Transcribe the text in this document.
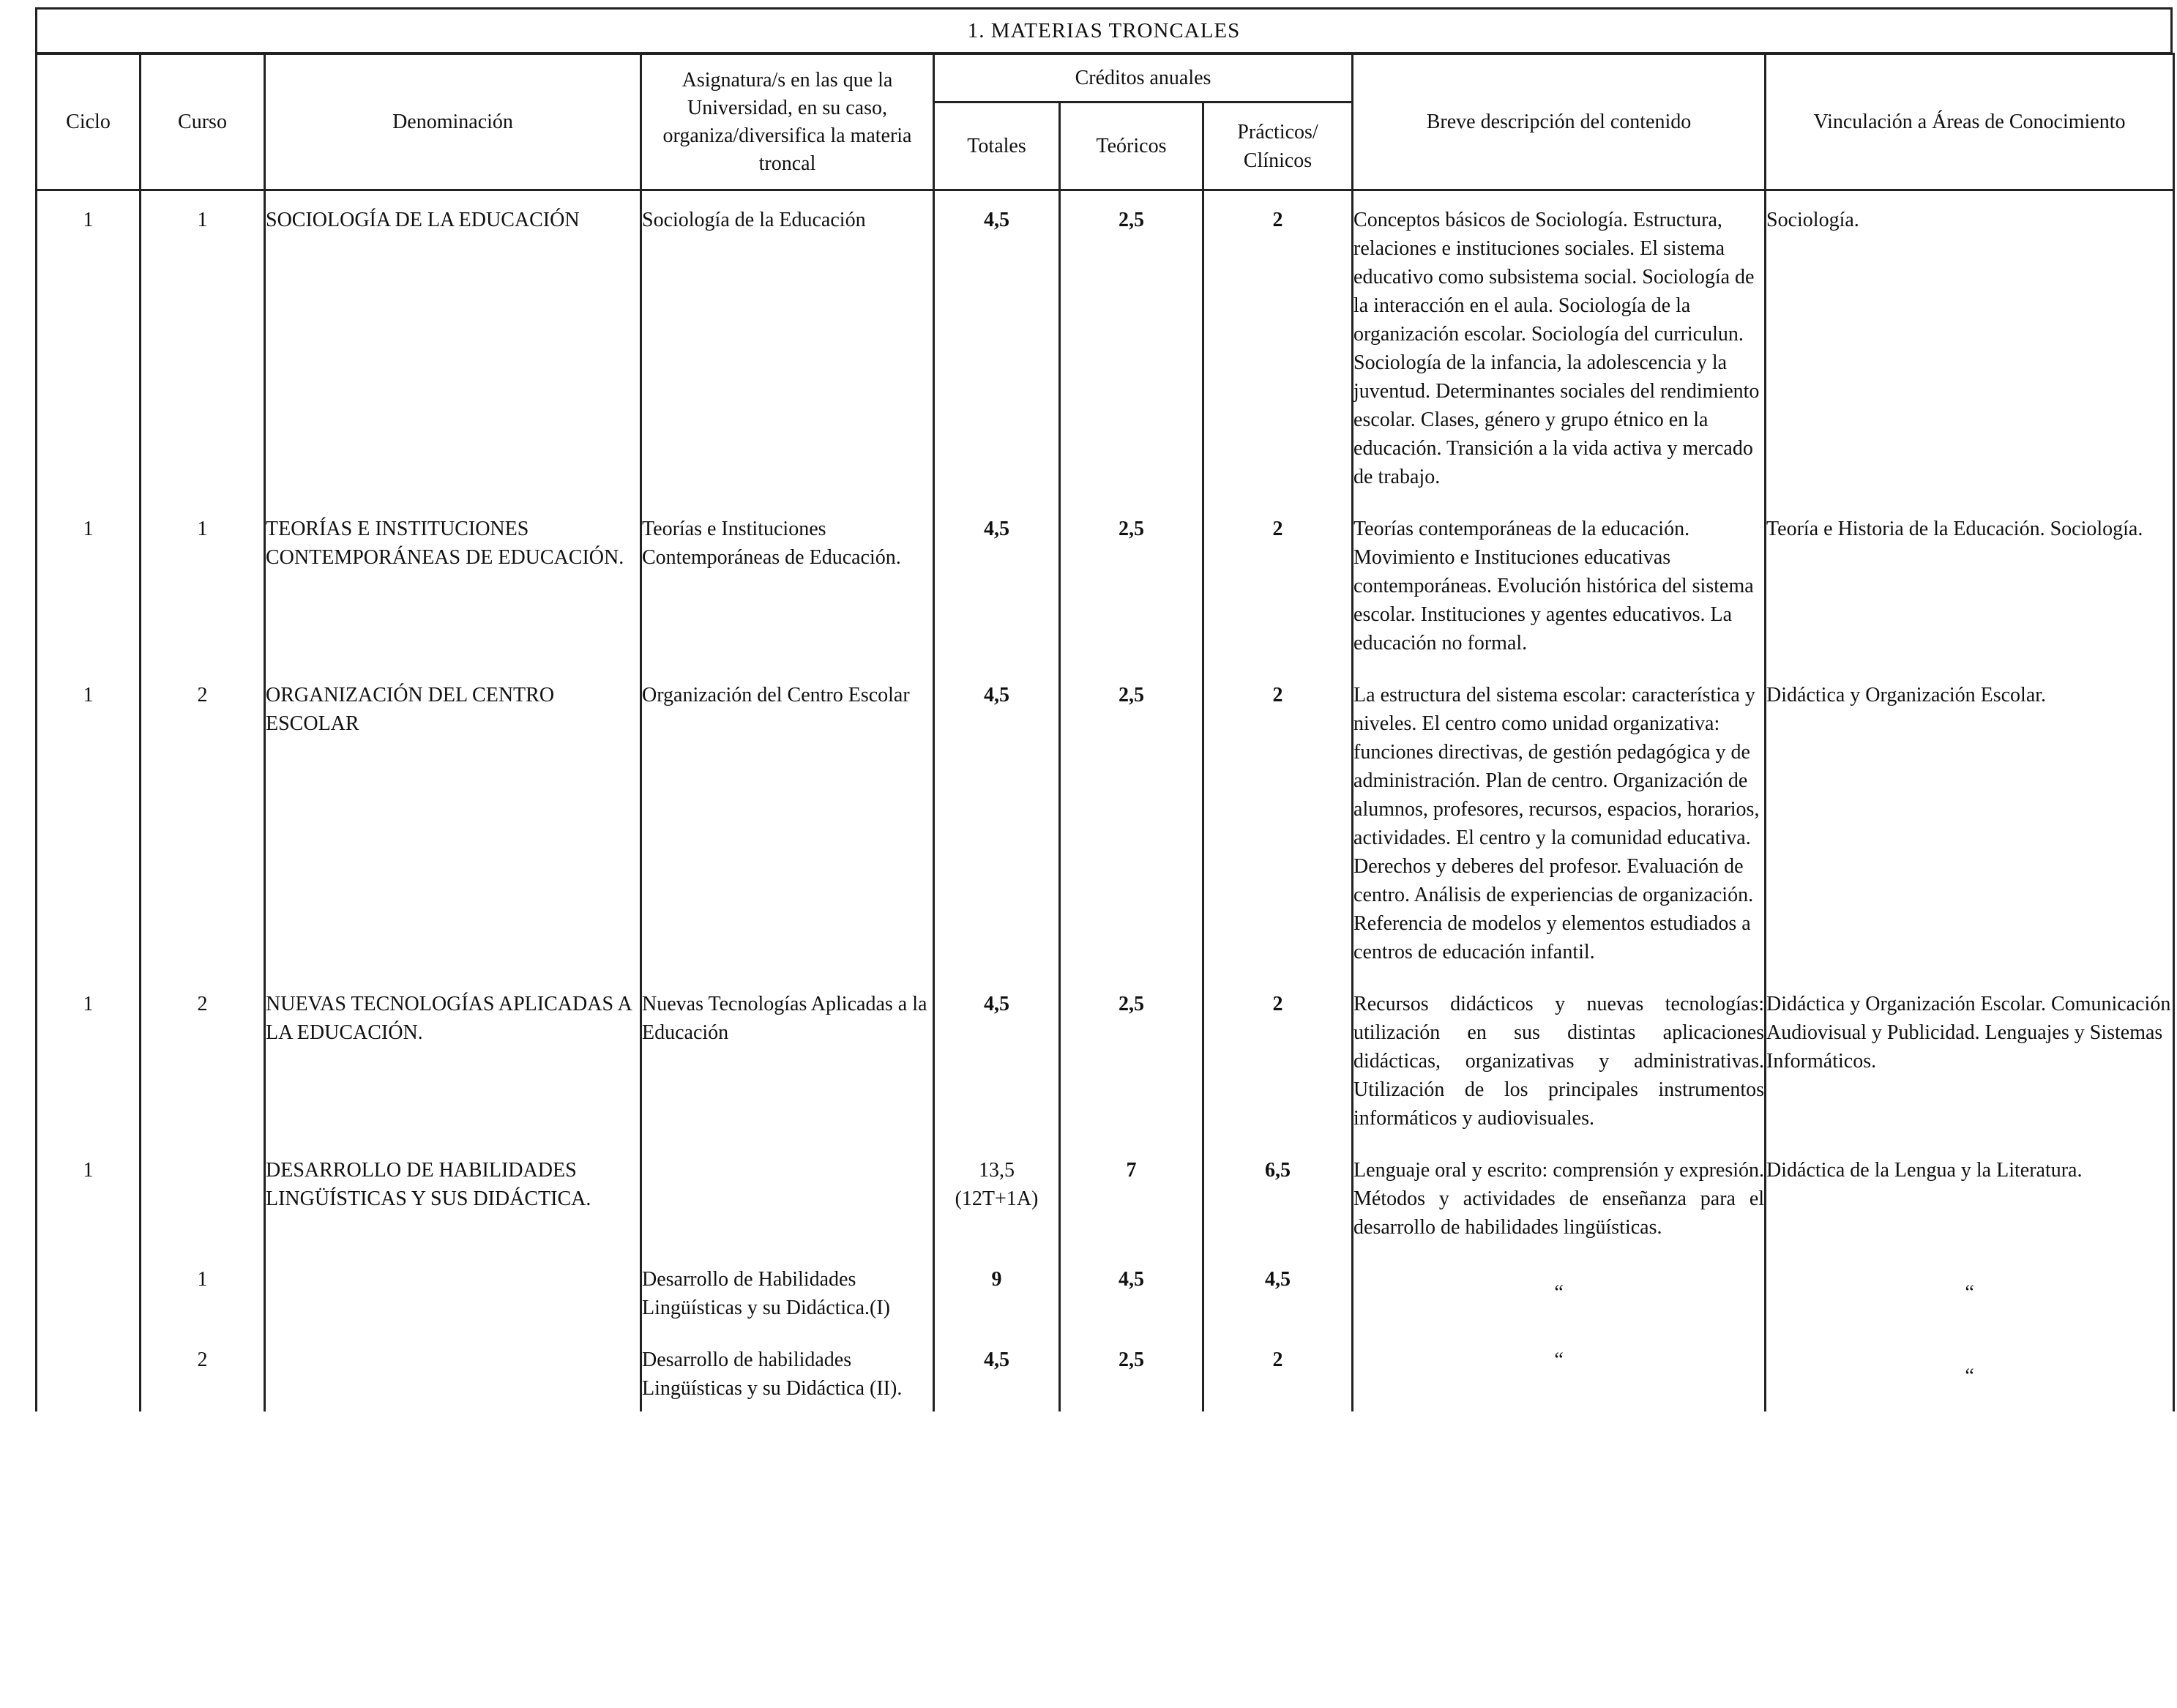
1. MATERIAS TRONCALES
Ciclo	Curso	Denominación	Asignatura/s en las que la Universidad, en su caso, organiza/diversifica la materia troncal	Créditos anuales			Breve descripción del contenido	Vinculación a Áreas de Conocimiento
				Totales	Teóricos	Prácticos/ Clínicos		
1	1	SOCIOLOGÍA DE LA EDUCACIÓN	Sociología de la Educación	4,5	2,5	2	Conceptos básicos de Sociología. Estructura, relaciones e instituciones sociales. El sistema educativo como subsistema social. Sociología de la interacción en el aula. Sociología de la organización escolar. Sociología del curriculun. Sociología de la infancia, la adolescencia y la juventud. Determinantes sociales del rendimiento escolar. Clases, género y grupo étnico en la educación. Transición a la vida activa y mercado de trabajo.	Sociología.
1	1	TEORÍAS E INSTITUCIONES CONTEMPORÁNEAS DE EDUCACIÓN.	Teorías e Instituciones Contemporáneas de Educación.	4,5	2,5	2	Teorías contemporáneas de la educación. Movimiento e Instituciones educativas contemporáneas. Evolución histórica del sistema escolar. Instituciones y agentes educativos. La educación no formal.	Teoría e Historia de la Educación. Sociología.
1	2	ORGANIZACIÓN DEL CENTRO ESCOLAR	Organización del Centro Escolar	4,5	2,5	2	La estructura del sistema escolar: característica y niveles. El centro como unidad organizativa: funciones directivas, de gestión pedagógica y de administración. Plan de centro. Organización de alumnos, profesores, recursos, espacios, horarios, actividades. El centro y la comunidad educativa. Derechos y deberes del profesor. Evaluación de centro. Análisis de experiencias de organización. Referencia de modelos y elementos estudiados a centros de educación infantil.	Didáctica y Organización Escolar.
1	2	NUEVAS TECNOLOGÍAS APLICADAS A LA EDUCACIÓN.	Nuevas Tecnologías Aplicadas a la Educación	4,5	2,5	2	Recursos didácticos y nuevas tecnologías: utilización en sus distintas aplicaciones didácticas, organizativas y administrativas. Utilización de los principales instrumentos informáticos y audiovisuales.	Didáctica y Organización Escolar. Comunicación Audiovisual y Publicidad. Lenguajes y Sistemas Informáticos.
1		DESARROLLO DE HABILIDADES LINGÜÍSTICAS Y SUS DIDÁCTICA.		13,5 (12T+1A)	7	6,5	Lenguaje oral y escrito: comprensión y expresión. Métodos y actividades de enseñanza para el desarrollo de habilidades lingüísticas.	Didáctica de la Lengua y la Literatura.
	1		Desarrollo de Habilidades Lingüísticas y su Didáctica.(I)	9	4,5	4,5	“	“

	2		Desarrollo de habilidades Lingüísticas y su Didáctica (II).	4,5	2,5	2	“	“
